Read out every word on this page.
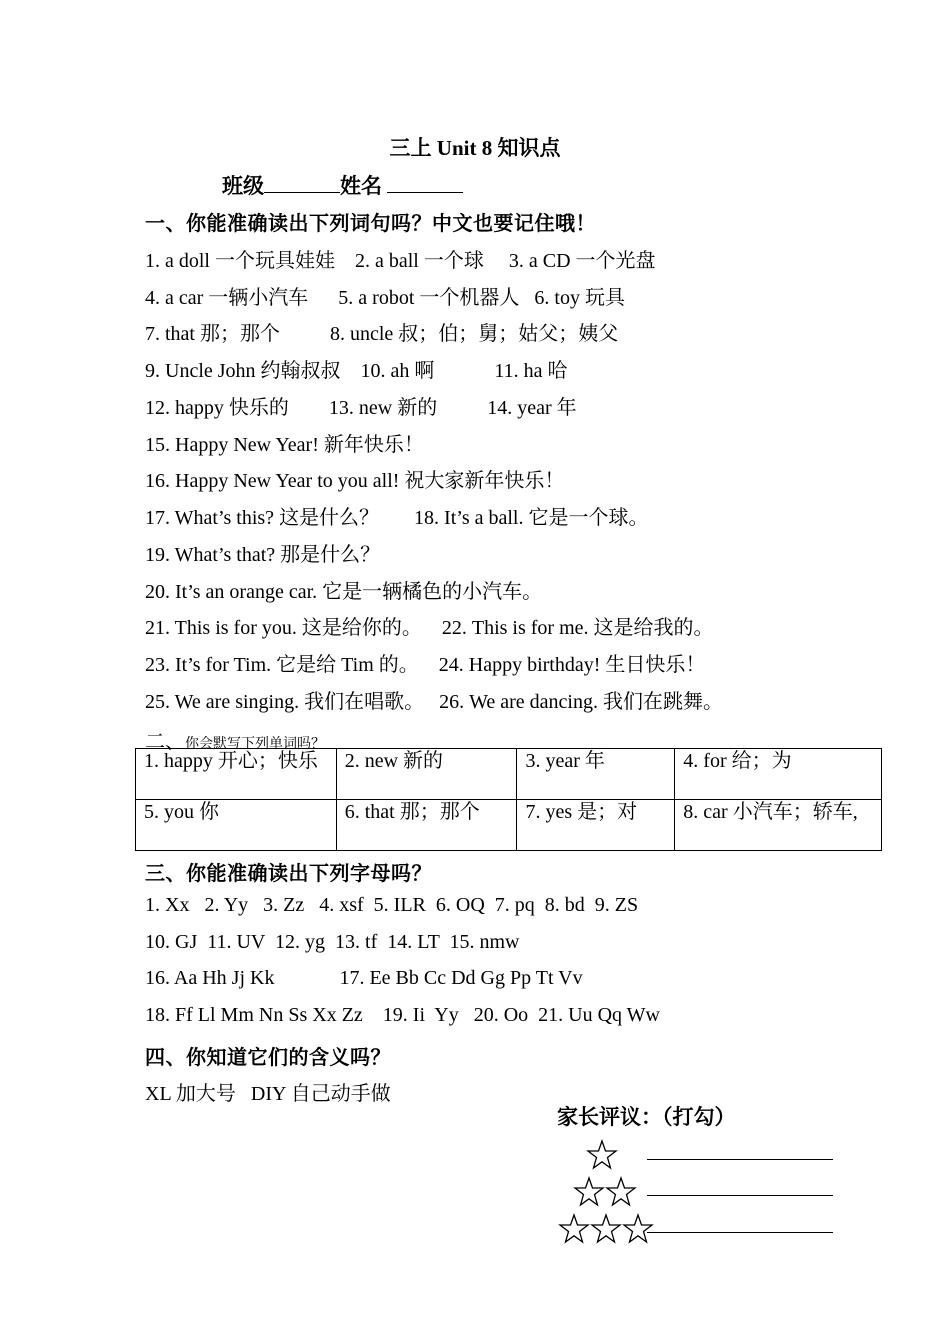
三上 Unit 8 知识点
班级	姓名
一、你能准确读出下列词句吗？中文也要记住哦！
1. a doll 一个玩具娃娃    2. a ball 一个球     3. a CD 一个光盘
4. a car 一辆小汽车      5. a robot 一个机器人   6. toy 玩具
7. that 那；那个          8. uncle 叔；伯；舅；姑父；姨父
9. Uncle John 约翰叔叔    10. ah 啊            11. ha 哈
12. happy 快乐的        13. new 新的          14. year 年
15. Happy New Year! 新年快乐！
16. Happy New Year to you all! 祝大家新年快乐！
17. What’s this? 这是什么？       18. It’s a ball. 它是一个球。
19. What’s that? 那是什么？
20. It’s an orange car. 它是一辆橘色的小汽车。
21. This is for you. 这是给你的。    22. This is for me. 这是给我的。
23. It’s for Tim. 它是给 Tim 的。    24. Happy birthday! 生日快乐！
25. We are singing. 我们在唱歌。   26. We are dancing. 我们在跳舞。
二、你会默写下列单词吗？
1. happy 开心；快乐	2. new 新的	3. year 年	4. for 给；为
5. you 你	6. that 那；那个	7. yes 是；对	8. car 小汽车；轿车,
三、你能准确读出下列字母吗？
1. Xx   2. Yy   3. Zz   4. xsf  5. ILR  6. OQ  7. pq  8. bd  9. ZS
10. GJ  11. UV  12. yg  13. tf  14. LT  15. nmw
16. Aa Hh Jj Kk             17. Ee Bb Cc Dd Gg Pp Tt Vv
18. Ff Ll Mm Nn Ss Xx Zz    19. Ii  Yy   20. Oo  21. Uu Qq Ww
四、你知道它们的含义吗？
XL 加大号   DIY 自己动手做
家长评议：（打勾）
